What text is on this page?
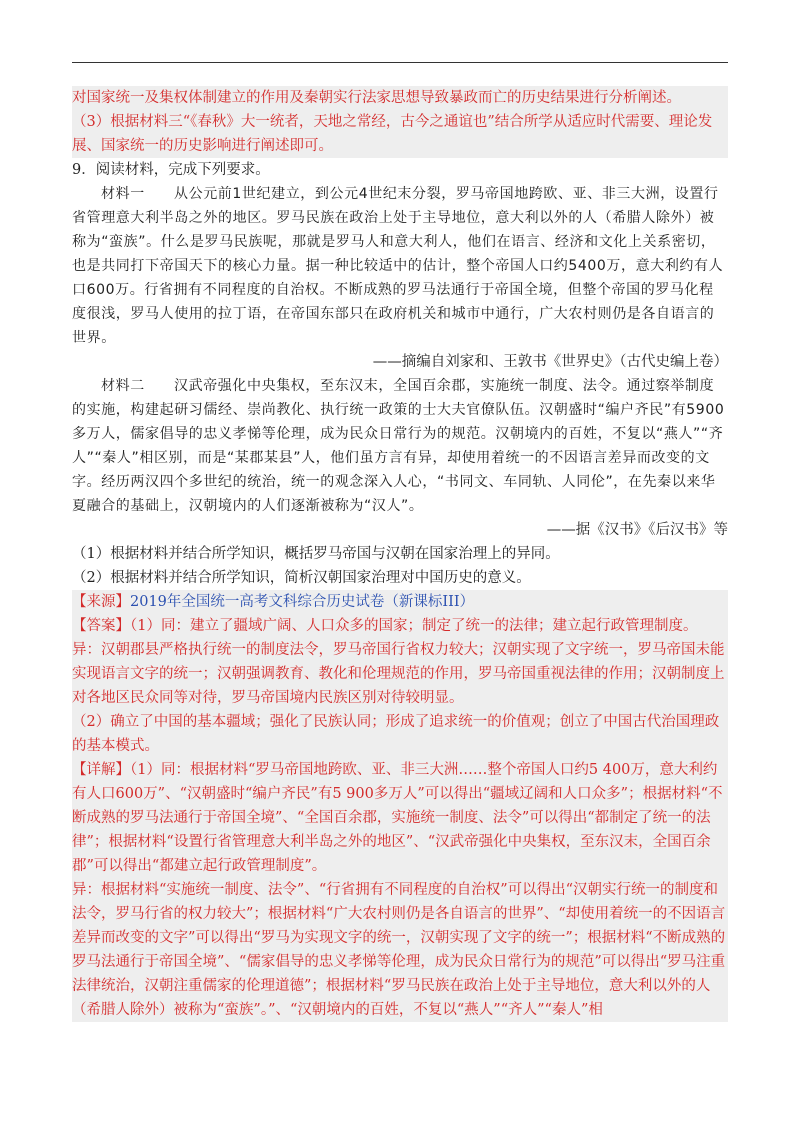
对国家统一及集权体制建立的作用及秦朝实行法家思想导致暴政而亡的历史结果进行分析阐述。

（3）根据材料三“《春秋》大一统者，天地之常经，古今之通谊也”结合所学从适应时代需要、理论发展、国家统一的历史影响进行阐述即可。

9．阅读材料，完成下列要求。

材料一　　从公元前1世纪建立，到公元4世纪末分裂，罗马帝国地跨欧、亚、非三大洲，设置行省管理意大利半岛之外的地区。罗马民族在政治上处于主导地位，意大利以外的人（希腊人除外）被称为“蛮族”。什么是罗马民族呢，那就是罗马人和意大利人，他们在语言、经济和文化上关系密切，也是共同打下帝国天下的核心力量。据一种比较适中的估计，整个帝国人口约5400万，意大利约有人口600万。行省拥有不同程度的自治权。不断成熟的罗马法通行于帝国全境，但整个帝国的罗马化程度很浅，罗马人使用的拉丁语，在帝国东部只在政府机关和城市中通行，广大农村则仍是各自语言的世界。

——摘编自刘家和、王敦书《世界史》（古代史编上卷）

材料二　　汉武帝强化中央集权，至东汉末，全国百余郡，实施统一制度、法令。通过察举制度的实施，构建起研习儒经、崇尚教化、执行统一政策的士大夫官僚队伍。汉朝盛时“编户齐民”有5900多万人，儒家倡导的忠义孝悌等伦理，成为民众日常行为的规范。汉朝境内的百姓，不复以“燕人”“齐人”“秦人”相区别，而是“某郡某县”人，他们虽方言有异，却使用着统一的不因语言差异而改变的文字。经历两汉四个多世纪的统治，统一的观念深入人心，“书同文、车同轨、人同伦”，在先秦以来华夏融合的基础上，汉朝境内的人们逐渐被称为“汉人”。

——据《汉书》《后汉书》等

（1）根据材料并结合所学知识，概括罗马帝国与汉朝在国家治理上的异同。

（2）根据材料并结合所学知识，简析汉朝国家治理对中国历史的意义。

【来源】2019年全国统一高考文科综合历史试卷（新课标III）

【答案】（1）同：建立了疆域广阔、人口众多的国家；制定了统一的法律；建立起行政管理制度。

异：汉朝郡县严格执行统一的制度法令，罗马帝国行省权力较大；汉朝实现了文字统一，罗马帝国未能实现语言文字的统一；汉朝强调教育、教化和伦理规范的作用，罗马帝国重视法律的作用；汉朝制度上对各地区民众同等对待，罗马帝国境内民族区别对待较明显。

（2）确立了中国的基本疆域；强化了民族认同；形成了追求统一的价值观；创立了中国古代治国理政的基本模式。

【详解】（1）同：根据材料“罗马帝国地跨欧、亚、非三大洲……整个帝国人口约5 400万，意大利约有人口600万”、“汉朝盛时“编户齐民”有5 900多万人”可以得出“疆域辽阔和人口众多”；根据材料“不断成熟的罗马法通行于帝国全境”、“全国百余郡，实施统一制度、法令”可以得出“都制定了统一的法律”；根据材料“设置行省管理意大利半岛之外的地区”、“汉武帝强化中央集权，至东汉末，全国百余郡”可以得出“都建立起行政管理制度”。

异：根据材料“实施统一制度、法令”、“行省拥有不同程度的自治权”可以得出“汉朝实行统一的制度和法令，罗马行省的权力较大”；根据材料“广大农村则仍是各自语言的世界”、“却使用着统一的不因语言差异而改变的文字”可以得出“罗马为实现文字的统一，汉朝实现了文字的统一”；根据材料“不断成熟的罗马法通行于帝国全境”、“儒家倡导的忠义孝悌等伦理，成为民众日常行为的规范”可以得出“罗马注重法律统治，汉朝注重儒家的伦理道德”；根据材料“罗马民族在政治上处于主导地位，意大利以外的人（希腊人除外）被称为“蛮族”。”、“汉朝境内的百姓，不复以“燕人”“齐人”“秦人”相
